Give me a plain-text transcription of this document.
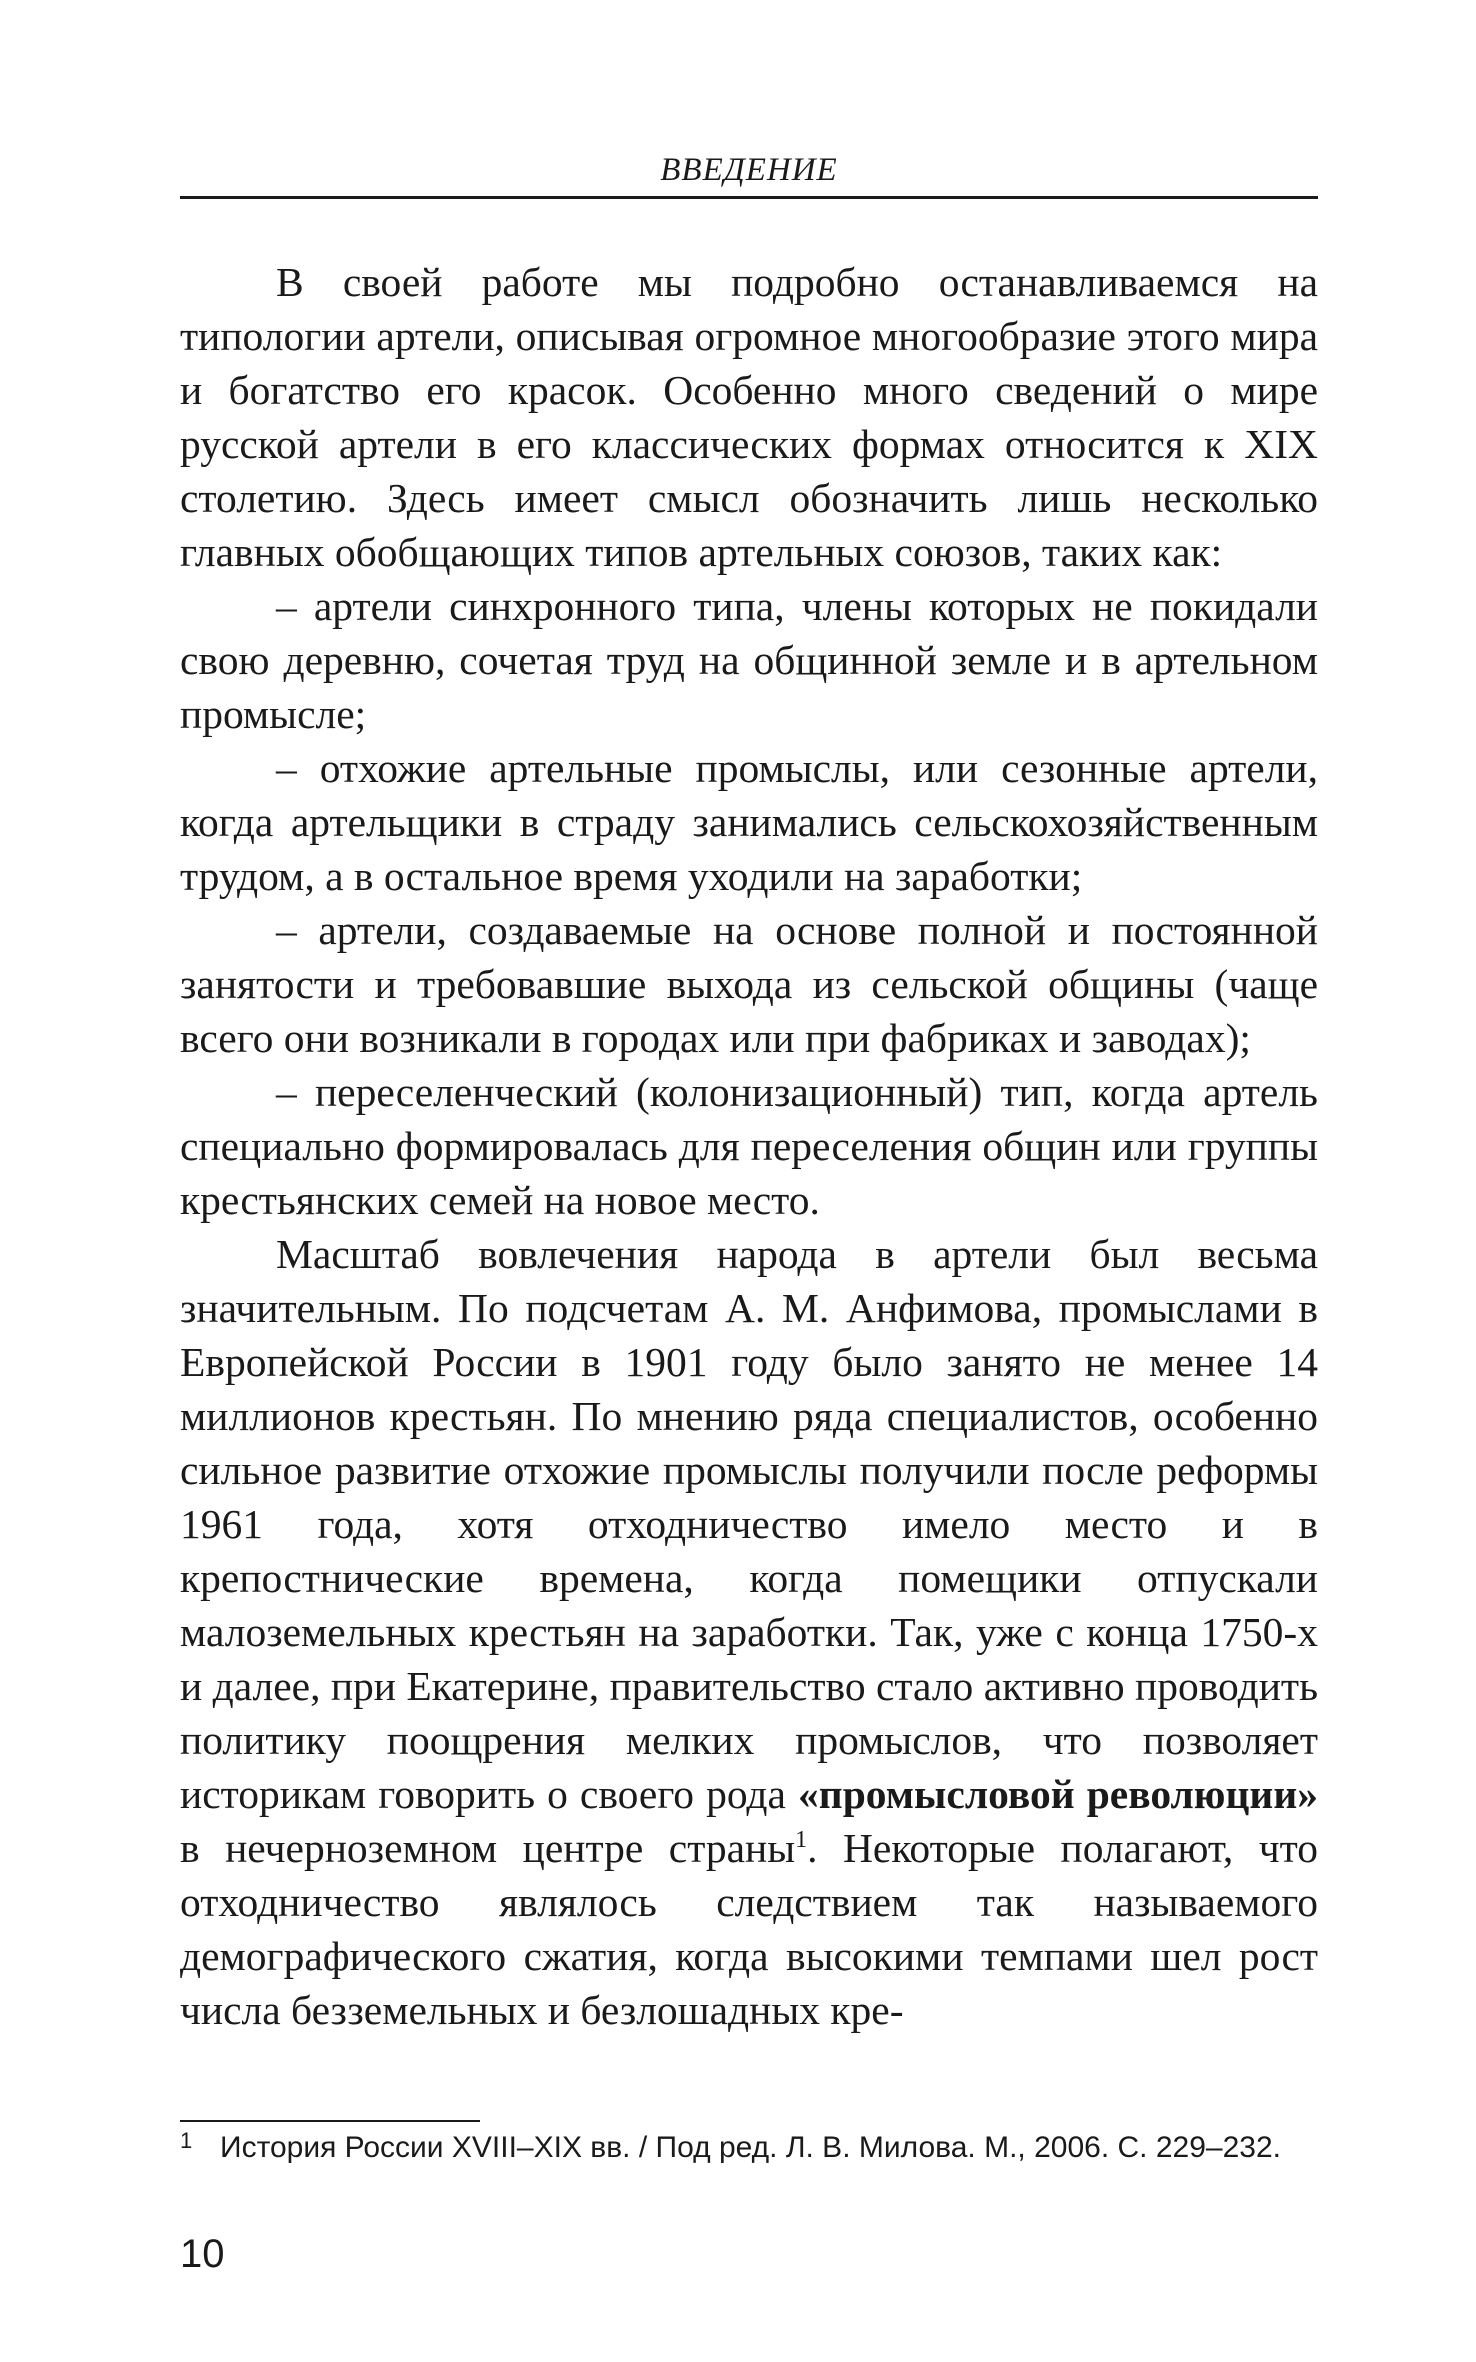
ВВЕДЕНИЕ

В своей работе мы подробно останавливаемся на типологии артели, описывая огромное многообразие этого мира и богатство его красок. Особенно много сведений о мире русской артели в его классических формах относится к XIX столетию. Здесь имеет смысл обозначить лишь несколько главных обобщающих типов артельных союзов, таких как:

– артели синхронного типа, члены которых не покидали свою деревню, сочетая труд на общинной земле и в артельном промысле;

– отхожие артельные промыслы, или сезонные артели, когда артельщики в страду занимались сельскохозяйственным трудом, а в остальное время уходили на заработки;

– артели, создаваемые на основе полной и постоянной занятости и требовавшие выхода из сельской общины (чаще всего они возникали в городах или при фабриках и заводах);

– переселенческий (колонизационный) тип, когда артель специально формировалась для переселения общин или группы крестьянских семей на новое место.

Масштаб вовлечения народа в артели был весьма значительным. По подсчетам А. М. Анфимова, промыслами в Европейской России в 1901 году было занято не менее 14 миллионов крестьян. По мнению ряда специалистов, особенно сильное развитие отхожие промыслы получили после реформы 1961 года, хотя отходничество имело место и в крепостнические времена, когда помещики отпускали малоземельных крестьян на заработки. Так, уже с конца 1750-х и далее, при Екатерине, правительство стало активно проводить политику поощрения мелких промыслов, что позволяет историкам говорить о своего рода «промысловой революции» в нечерноземном центре страны$^1$. Некоторые полагают, что отходничество являлось следствием так называемого демографического сжатия, когда высокими темпами шел рост числа безземельных и безлошадных кре-

1 История России XVIII–XIX вв. / Под ред. Л. В. Милова. М., 2006. С. 229–232.
10
